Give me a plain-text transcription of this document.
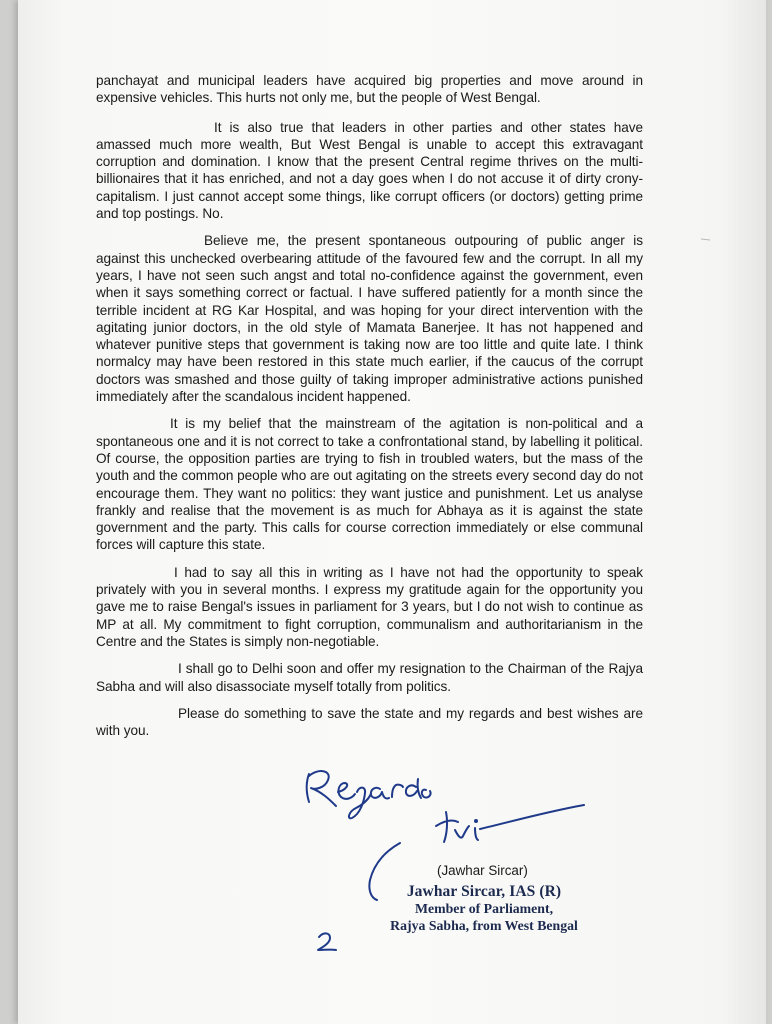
panchayat and municipal leaders have acquired big properties and move around in expensive vehicles. This hurts not only me, but the people of West Bengal.

It is also true that leaders in other parties and other states have amassed much more wealth, But West Bengal is unable to accept this extravagant corruption and domination. I know that the present Central regime thrives on the multi-billionaires that it has enriched, and not a day goes when I do not accuse it of dirty crony-capitalism. I just cannot accept some things, like corrupt officers (or doctors) getting prime and top postings. No.

Believe me, the present spontaneous outpouring of public anger is against this unchecked overbearing attitude of the favoured few and the corrupt. In all my years, I have not seen such angst and total no-confidence against the government, even when it says something correct or factual. I have suffered patiently for a month since the terrible incident at RG Kar Hospital, and was hoping for your direct intervention with the agitating junior doctors, in the old style of Mamata Banerjee. It has not happened and whatever punitive steps that government is taking now are too little and quite late. I think normalcy may have been restored in this state much earlier, if the caucus of the corrupt doctors was smashed and those guilty of taking improper administrative actions punished immediately after the scandalous incident happened.

It is my belief that the mainstream of the agitation is non-political and a spontaneous one and it is not correct to take a confrontational stand, by labelling it political. Of course, the opposition parties are trying to fish in troubled waters, but the mass of the youth and the common people who are out agitating on the streets every second day do not encourage them. They want no politics: they want justice and punishment. Let us analyse frankly and realise that the movement is as much for Abhaya as it is against the state government and the party. This calls for course correction immediately or else communal forces will capture this state.

I had to say all this in writing as I have not had the opportunity to speak privately with you in several months. I express my gratitude again for the opportunity you gave me to raise Bengal's issues in parliament for 3 years, but I do not wish to continue as MP at all. My commitment to fight corruption, communalism and authoritarianism in the Centre and the States is simply non-negotiable.

I shall go to Delhi soon and offer my resignation to the Chairman of the Rajya Sabha and will also disassociate myself totally from politics.

Please do something to save the state and my regards and best wishes are with you.

(Jawhar Sircar)
Jawhar Sircar, IAS (R)
Member of Parliament,
Rajya Sabha, from West Bengal
